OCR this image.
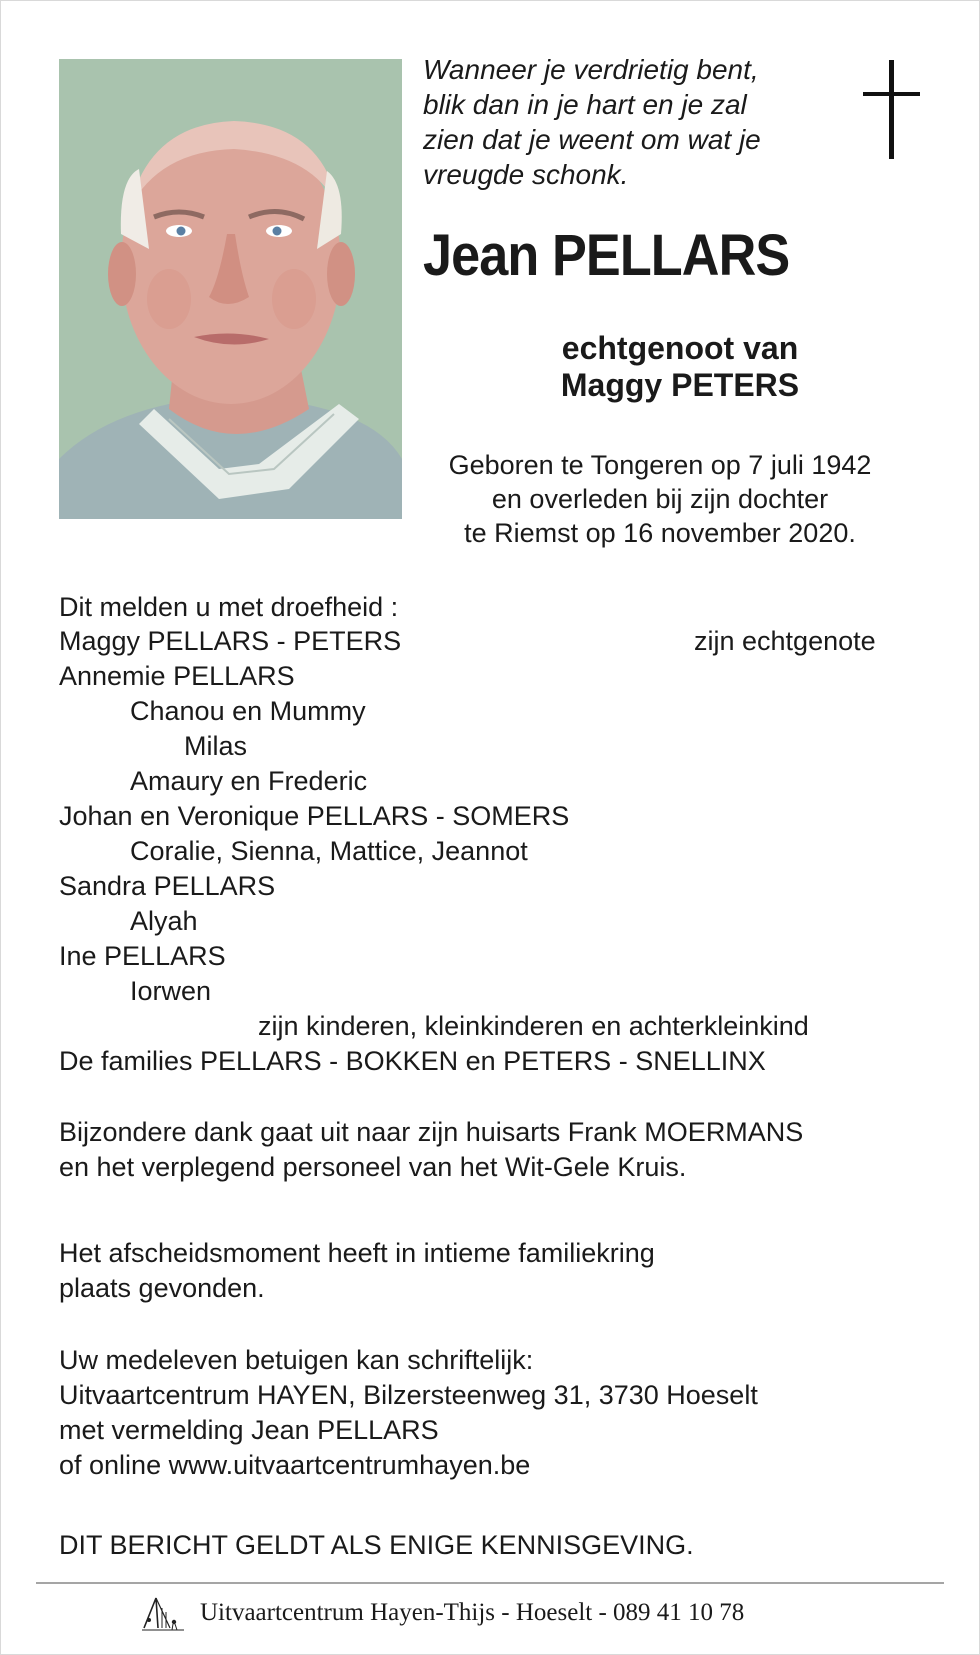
Wanneer je verdrietig bent,
blik dan in je hart en je zal
zien dat je weent om wat je
vreugde schonk.
Jean PELLARS
echtgenoot van
Maggy PETERS
Geboren te Tongeren op 7 juli 1942
en overleden bij zijn dochter
te Riemst op 16 november 2020.
Dit melden u met droefheid :
Maggy PELLARS - PETERS	zijn echtgenote
Annemie PELLARS
Chanou en Mummy
Milas
Amaury en Frederic
Johan en Veronique PELLARS - SOMERS
Coralie, Sienna, Mattice, Jeannot
Sandra PELLARS
Alyah
Ine PELLARS
Iorwen
zijn kinderen, kleinkinderen en achterkleinkind
De families PELLARS - BOKKEN en PETERS - SNELLINX
Bijzondere dank gaat uit naar zijn huisarts Frank MOERMANS
en het verplegend personeel van het Wit-Gele Kruis.
Het afscheidsmoment heeft in intieme familiekring
plaats gevonden.
Uw medeleven betuigen kan schriftelijk:
Uitvaartcentrum HAYEN, Bilzersteenweg 31, 3730 Hoeselt
met vermelding Jean PELLARS
of online www.uitvaartcentrumhayen.be
DIT BERICHT GELDT ALS ENIGE KENNISGEVING.
Uitvaartcentrum Hayen-Thijs - Hoeselt - 089 41 10 78
